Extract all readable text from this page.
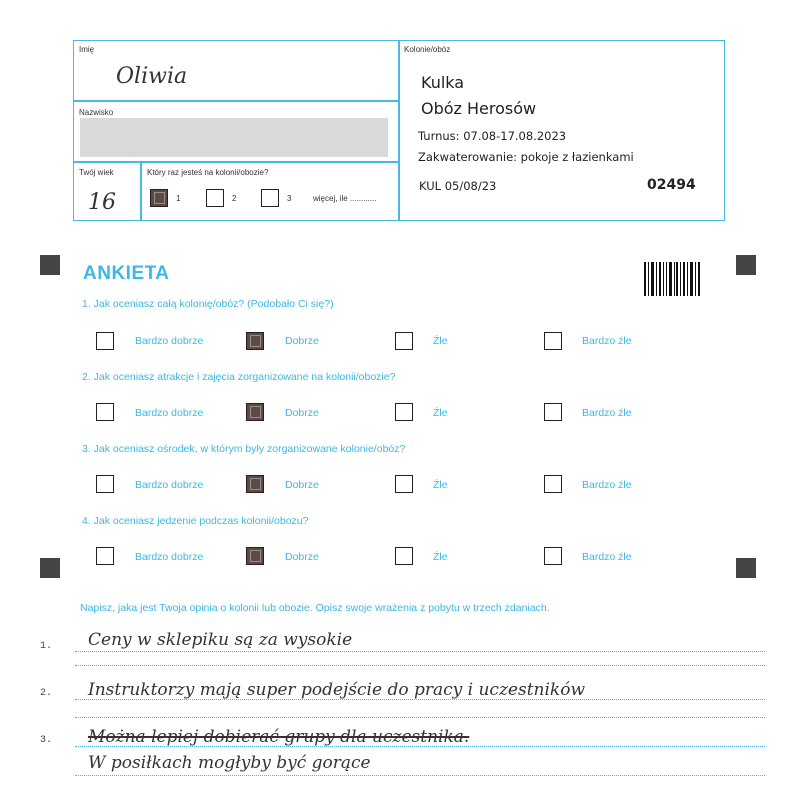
Imię
Oliwia
Nazwisko
Twój wiek
16
Który raz jesteś na kolonii/obozie?
1	2	3	więcej, ile ............
Kolonie/obóz
Kulka
Obóz Herosów
Turnus: 07.08-17.08.2023
Zakwaterowanie: pokoje z łazienkami
KUL 05/08/23	02494
ANKIETA
1. Jak oceniasz całą kolonię/obóz? (Podobało Ci się?)
Bardzo dobrze	Dobrze	Źle	Bardzo źle
2. Jak oceniasz atrakcje i zajęcia zorganizowane na kolonii/obozie?
Bardzo dobrze	Dobrze	Źle	Bardzo źle
3. Jak oceniasz ośrodek, w którym były zorganizowane kolonie/obóz?
Bardzo dobrze	Dobrze	Źle	Bardzo źle
4. Jak oceniasz jedzenie podczas kolonii/obozu?
Bardzo dobrze	Dobrze	Źle	Bardzo źle
Napisz, jaka jest Twoja opinia o kolonii lub obozie. Opisz swoje wrażenia z pobytu w trzech zdaniach.
1. Ceny w sklepiku są za wysokie
2. Instruktorzy mają super podejście do pracy i uczestników
3. Można lepiej dobierać grupy dla uczestnika.
W posiłkach mogłyby być gorące
